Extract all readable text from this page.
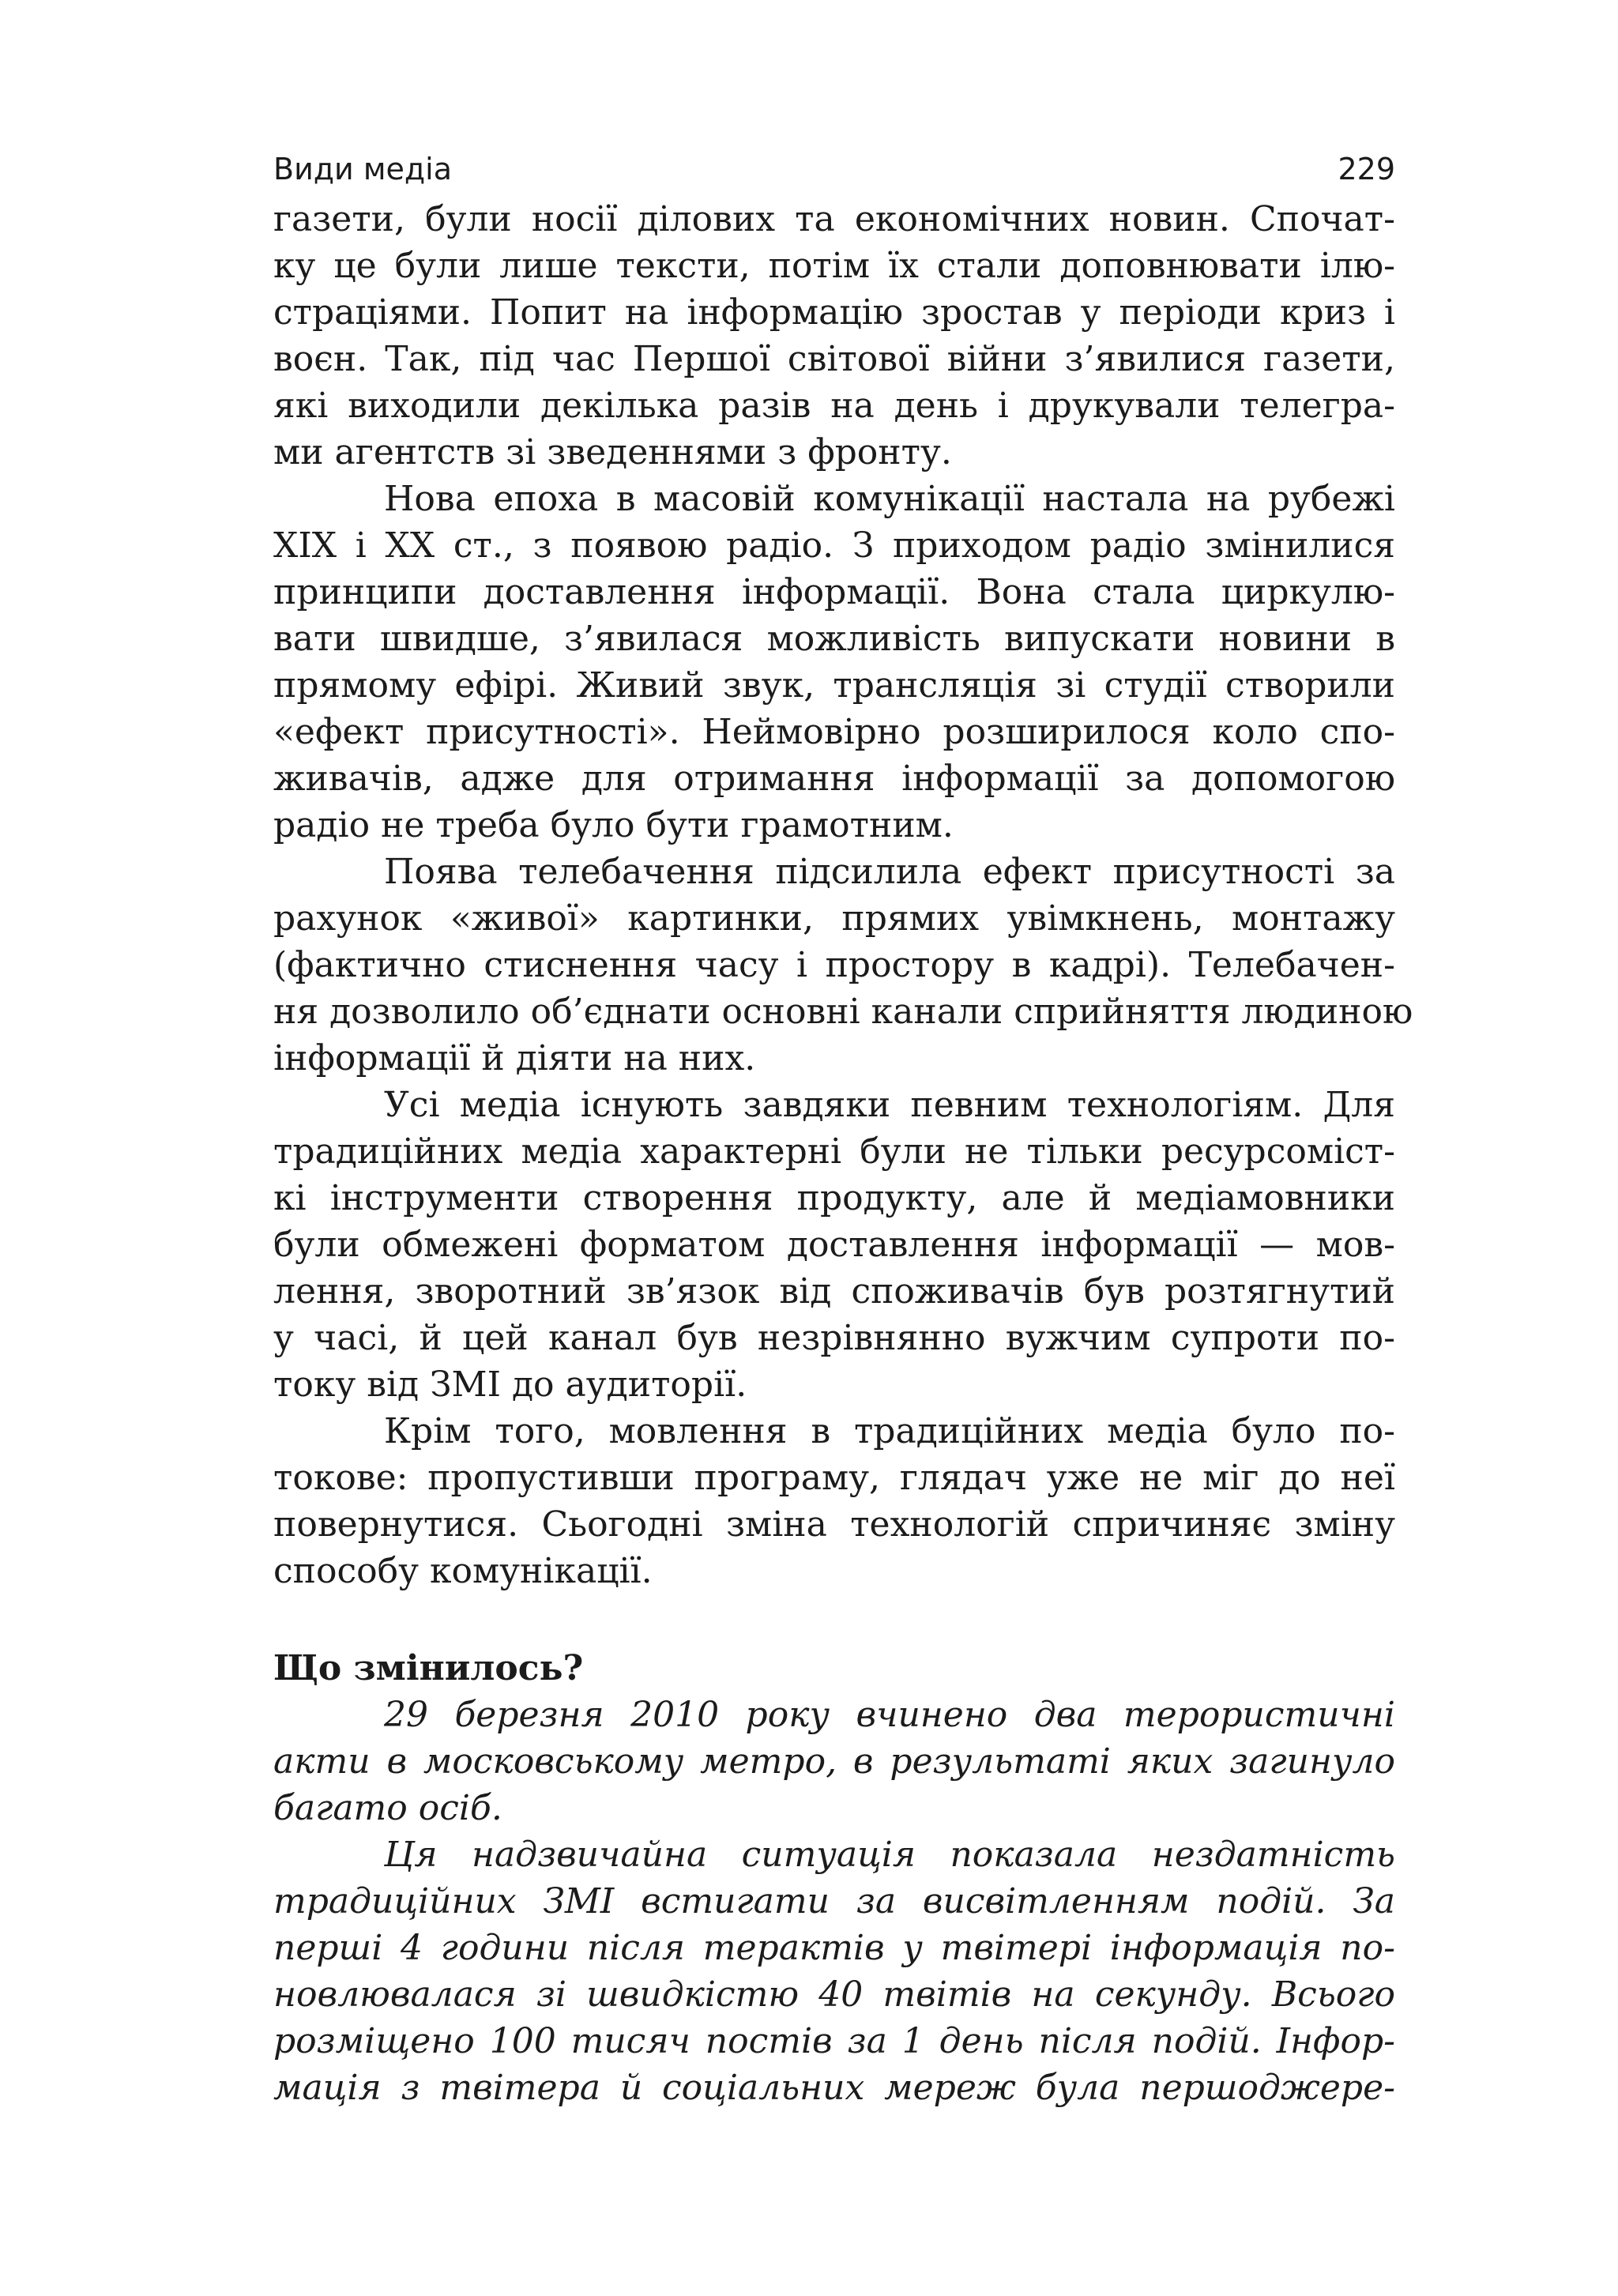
Види медіа	229
газети, були носії ділових та економічних новин. Спочат-
ку це були лише тексти, потім їх стали доповнювати ілю-
страціями. Попит на інформацію зростав у періоди криз і
воєн. Так, під час Першої світової війни з’явилися газети,
які виходили декілька разів на день і друкували телегра-
ми агентств зі зведеннями з фронту.
Нова епоха в масовій комунікації настала на рубежі
XIX і XX ст., з появою радіо. З приходом радіо змінилися
принципи доставлення інформації. Вона стала циркулю-
вати швидше, з’явилася можливість випускати новини в
прямому ефірі. Живий звук, трансляція зі студії створили
«ефект присутності». Неймовірно розширилося коло спо-
живачів, адже для отримання інформації за допомогою
радіо не треба було бути грамотним.
Поява телебачення підсилила ефект присутності за
рахунок «живої» картинки, прямих увімкнень, монтажу
(фактично стиснення часу і простору в кадрі). Телебачен-
ня дозволило об’єднати основні канали сприйняття людиною
інформації й діяти на них.
Усі медіа існують завдяки певним технологіям. Для
традиційних медіа характерні були не тільки ресурсоміст-
кі інструменти створення продукту, але й медіамовники
були обмежені форматом доставлення інформації — мов-
лення, зворотний зв’язок від споживачів був розтягнутий
у часі, й цей канал був незрівнянно вужчим супроти по-
току від ЗМІ до аудиторії.
Крім того, мовлення в традиційних медіа було по-
токове: пропустивши програму, глядач уже не міг до неї
повернутися. Сьогодні зміна технологій спричиняє зміну
способу комунікації.
Що змінилось?
29 березня 2010 року вчинено два терористичні
акти в московському метро, в результаті яких загинуло
багато осіб.
Ця надзвичайна ситуація показала нездатність
традиційних ЗМІ встигати за висвітленням подій. За
перші 4 години після терактів у твітері інформація по-
новлювалася зі швидкістю 40 твітів на секунду. Всього
розміщено 100 тисяч постів за 1 день після подій. Інфор-
мація з твітера й соціальних мереж була першоджере-
